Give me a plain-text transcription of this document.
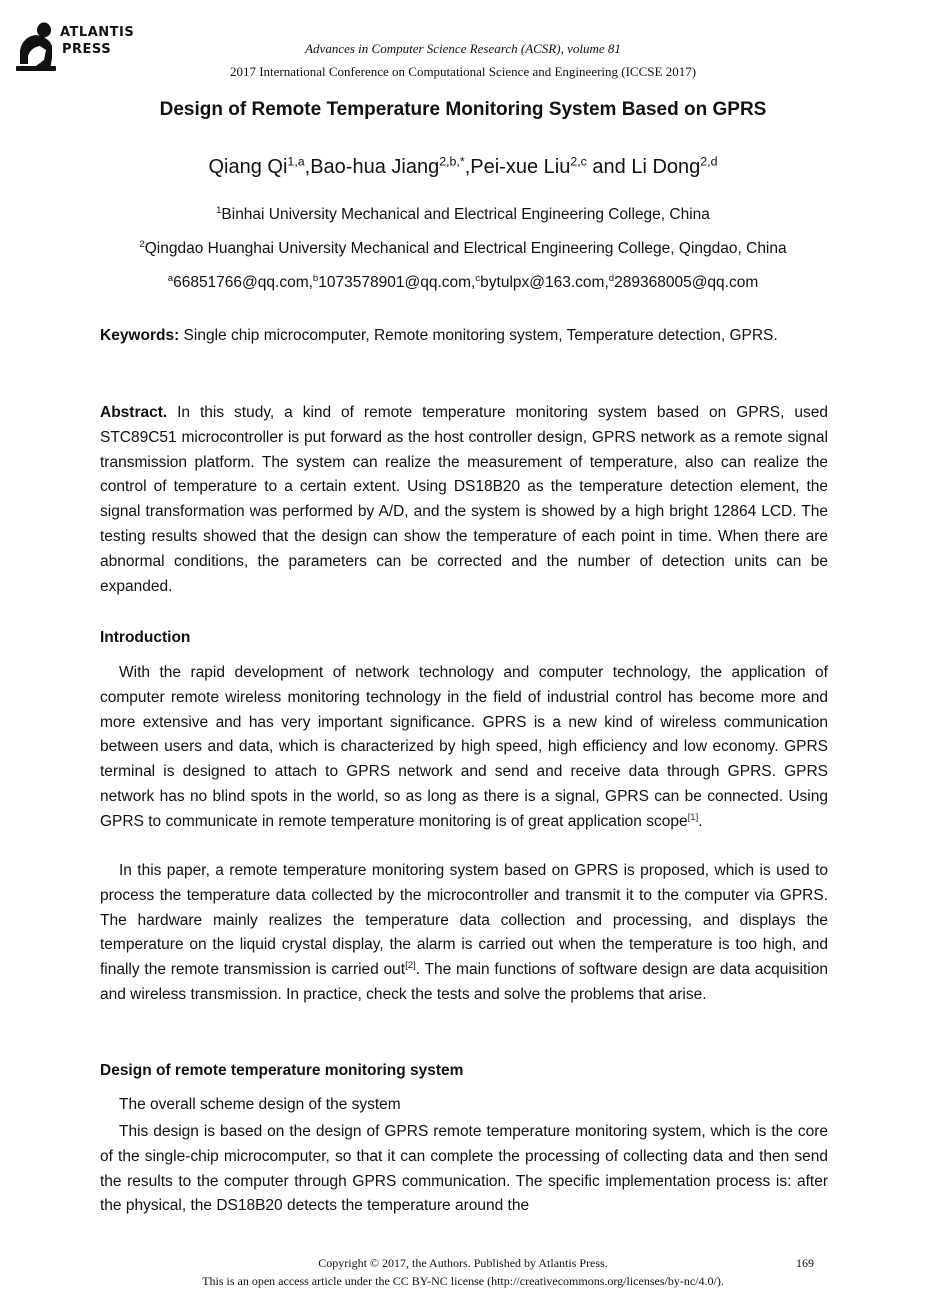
ATLANTIS
PRESS	Advances in Computer Science Research (ACSR), volume 81
2017 International Conference on Computational Science and Engineering (ICCSE 2017)
Design of Remote Temperature Monitoring System Based on GPRS
Qiang Qi$^{1,a}$,Bao-hua Jiang$^{2,b,*}$,Pei-xue Liu$^{2,c}$ and Li Dong$^{2,d}$
$^1$Binhai University Mechanical and Electrical Engineering College, China
$^2$Qingdao Huanghai University Mechanical and Electrical Engineering College, Qingdao, China
$^a$66851766@qq.com,$^b$1073578901@qq.com,$^c$bytulpx@163.com,$^d$289368005@qq.com
Keywords: Single chip microcomputer, Remote monitoring system, Temperature detection, GPRS.
Abstract. In this study, a kind of remote temperature monitoring system based on GPRS, used STC89C51 microcontroller is put forward as the host controller design, GPRS network as a remote signal transmission platform. The system can realize the measurement of temperature, also can realize the control of temperature to a certain extent. Using DS18B20 as the temperature detection element, the signal transformation was performed by A/D, and the system is showed by a high bright 12864 LCD. The testing results showed that the design can show the temperature of each point in time. When there are abnormal conditions, the parameters can be corrected and the number of detection units can be expanded.
Introduction
With the rapid development of network technology and computer technology, the application of computer remote wireless monitoring technology in the field of industrial control has become more and more extensive and has very important significance. GPRS is a new kind of wireless communication between users and data, which is characterized by high speed, high efficiency and low economy. GPRS terminal is designed to attach to GPRS network and send and receive data through GPRS. GPRS network has no blind spots in the world, so as long as there is a signal, GPRS can be connected. Using GPRS to communicate in remote temperature monitoring is of great application scope[1].
In this paper, a remote temperature monitoring system based on GPRS is proposed, which is used to process the temperature data collected by the microcontroller and transmit it to the computer via GPRS. The hardware mainly realizes the temperature data collection and processing, and displays the temperature on the liquid crystal display, the alarm is carried out when the temperature is too high, and finally the remote transmission is carried out[2]. The main functions of software design are data acquisition and wireless transmission. In practice, check the tests and solve the problems that arise.
Design of remote temperature monitoring system
The overall scheme design of the system
This design is based on the design of GPRS remote temperature monitoring system, which is the core of the single-chip microcomputer, so that it can complete the processing of collecting data and then send the results to the computer through GPRS communication. The specific implementation process is: after the physical, the DS18B20 detects the temperature around the
Copyright © 2017, the Authors. Published by Atlantis Press.	169
This is an open access article under the CC BY-NC license (http://creativecommons.org/licenses/by-nc/4.0/).
